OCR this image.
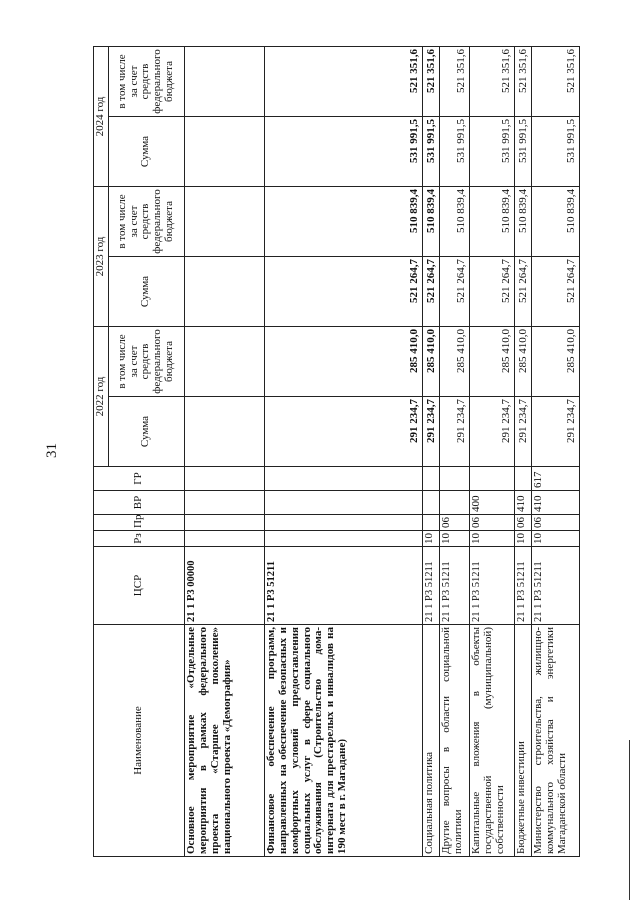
31
Наименование	ЦСР	Рз	Пр	ВР	ГР	2022 год		2023 год		2024 год	
						Сумма	в том числе за счет средств федерального бюджета	Сумма	в том числе за счет средств федерального бюджета	Сумма	в том числе за счет средств федерального бюджета
Основное мероприятие «Отдельные мероприятия в рамках федерального проекта «Старшее поколение» национального проекта «Демография»	21 1 P3 00000										
Финансовое обеспечение программ, направленных на обеспечение безопасных и комфортных условий предоставления социальных услуг в сфере социального обслуживания (Строительство дома-интерната для престарелых и инвалидов на 190 мест в г. Магадане)	21 1 P3 51211					291 234,7	285 410,0	521 264,7	510 839,4	531 991,5	521 351,6
Социальная политика	21 1 P3 51211	10				291 234,7	285 410,0	521 264,7	510 839,4	531 991,5	521 351,6
Другие вопросы в области социальной политики	21 1 P3 51211	10	06			291 234,7	285 410,0	521 264,7	510 839,4	531 991,5	521 351,6
Капитальные вложения в объекты государственной (муниципальной) собственности	21 1 P3 51211	10	06	400		291 234,7	285 410,0	521 264,7	510 839,4	531 991,5	521 351,6
Бюджетные инвестиции	21 1 P3 51211	10	06	410		291 234,7	285 410,0	521 264,7	510 839,4	531 991,5	521 351,6
Министерство строительства, жилищно-коммунального хозяйства и энергетики Магаданской области	21 1 P3 51211	10	06	410	617	291 234,7	285 410,0	521 264,7	510 839,4	531 991,5	521 351,6
